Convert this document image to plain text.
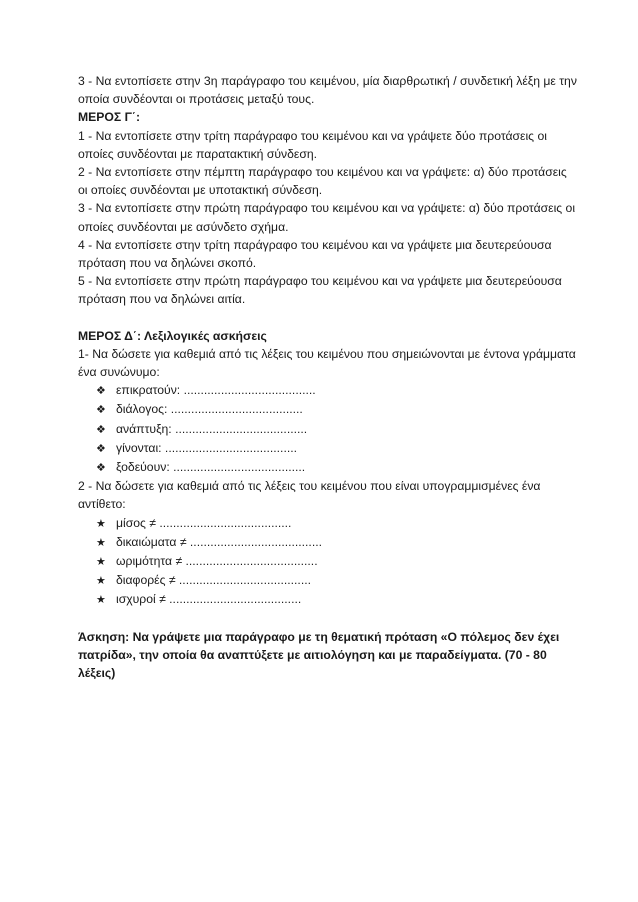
3 - Να εντοπίσετε στην 3η παράγραφο του κειμένου, μία διαρθρωτική / συνδετική λέξη με την
οποία συνδέονται οι προτάσεις μεταξύ τους.
ΜΕΡΟΣ Γ΄:
1 - Να εντοπίσετε στην τρίτη παράγραφο του κειμένου και να γράψετε δύο προτάσεις οι
οποίες συνδέονται με παρατακτική σύνδεση.
2 - Να εντοπίσετε στην πέμπτη παράγραφο του κειμένου και να γράψετε: α) δύο προτάσεις
οι οποίες συνδέονται με υποτακτική σύνδεση.
3 - Να εντοπίσετε στην πρώτη παράγραφο του κειμένου και να γράψετε: α) δύο προτάσεις οι
οποίες συνδέονται με ασύνδετο σχήμα.
4 - Να εντοπίσετε στην τρίτη παράγραφο του κειμένου και να γράψετε μια δευτερεύουσα
πρόταση που να δηλώνει σκοπό.
5 - Να εντοπίσετε στην πρώτη παράγραφο του κειμένου και να γράψετε μια δευτερεύουσα
πρόταση που να δηλώνει αιτία.
ΜΕΡΟΣ Δ΄: Λεξιλογικές ασκήσεις
1- Να δώσετε για καθεμιά από τις λέξεις του κειμένου που σημειώνονται με έντονα γράμματα
ένα συνώνυμο:
❖ επικρατούν: .......................................
❖ διάλογος: .......................................
❖ ανάπτυξη: .......................................
❖ γίνονται: .......................................
❖ ξοδεύουν: .......................................
2 - Να δώσετε για καθεμιά από τις λέξεις του κειμένου που είναι υπογραμμισμένες ένα
αντίθετο:
★ μίσος ≠ .......................................
★ δικαιώματα ≠ .......................................
★ ωριμότητα ≠ .......................................
★ διαφορές ≠ .......................................
★ ισχυροί ≠ .......................................
Άσκηση: Να γράψετε μια παράγραφο με τη θεματική πρόταση «Ο πόλεμος δεν έχει
πατρίδα», την οποία θα αναπτύξετε με αιτιολόγηση και με παραδείγματα. (70 - 80
λέξεις)
